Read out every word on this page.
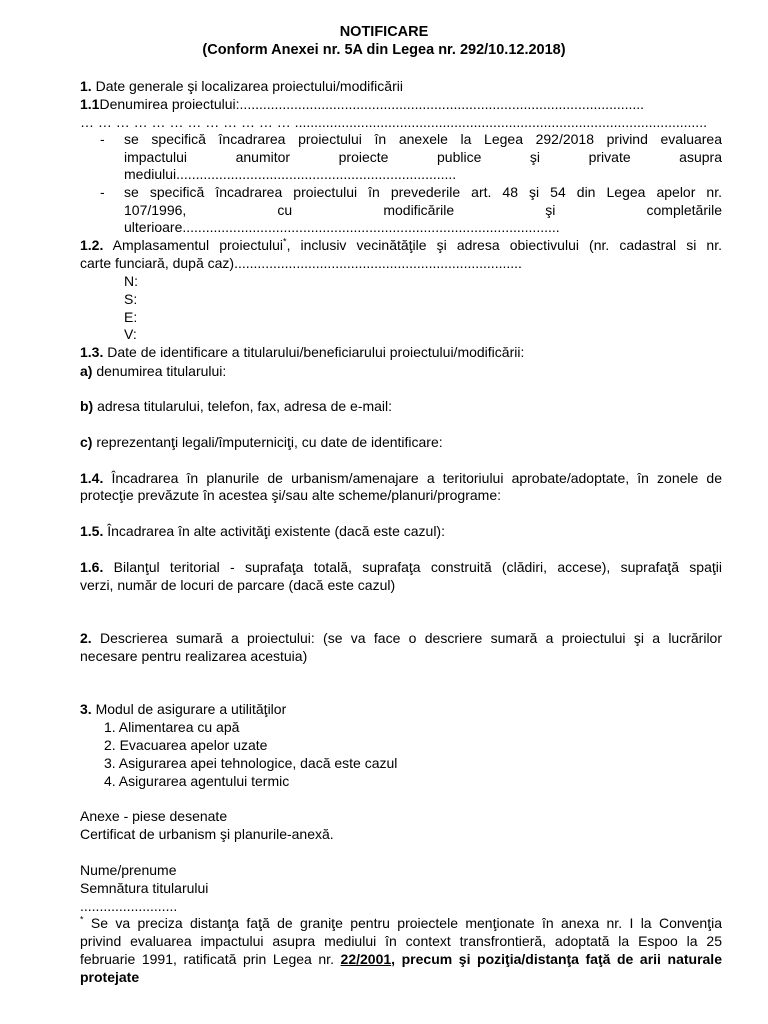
NOTIFICARE
(Conform Anexei nr. 5A din Legea nr. 292/10.12.2018)
1. Date generale şi localizarea proiectului/modificării
1.1Denumirea proiectului:........................................................................................................
… … … … … … … … … … … … ..........................................................................................................
- se specifică încadrarea proiectului în anexele la Legea 292/2018 privind evaluarea
impactului anumitor proiecte publice şi private asupra
mediului........................................................................
- se specifică încadrarea proiectului în prevederile art. 48 şi 54 din Legea apelor nr.
107/1996, cu modificările şi completările
ulterioare.................................................................................................
1.2. Amplasamentul proiectului*, inclusiv vecinătăţile şi adresa obiectivului (nr. cadastral si nr.
carte funciară, după caz)..........................................................................
N:
S:
E:
V:
1.3. Date de identificare a titularului/beneficiarului proiectului/modificării:
a) denumirea titularului:
b) adresa titularului, telefon, fax, adresa de e-mail:
c) reprezentanţi legali/împuterniciţi, cu date de identificare:
1.4. Încadrarea în planurile de urbanism/amenajare a teritoriului aprobate/adoptate, în zonele de
protecţie prevăzute în acestea şi/sau alte scheme/planuri/programe:
1.5. Încadrarea în alte activităţi existente (dacă este cazul):
1.6. Bilanţul teritorial - suprafaţa totală, suprafaţa construită (clădiri, accese), suprafaţă spaţii
verzi, număr de locuri de parcare (dacă este cazul)
2. Descrierea sumară a proiectului: (se va face o descriere sumară a proiectului şi a lucrărilor
necesare pentru realizarea acestuia)
3. Modul de asigurare a utilităţilor
1. Alimentarea cu apă
2. Evacuarea apelor uzate
3. Asigurarea apei tehnologice, dacă este cazul
4. Asigurarea agentului termic
Anexe - piese desenate
Certificat de urbanism şi planurile-anexă.
Nume/prenume
Semnătura titularului
.........................
* Se va preciza distanţa faţă de graniţe pentru proiectele menţionate în anexa nr. I la Convenţia
privind evaluarea impactului asupra mediului în context transfrontieră, adoptată la Espoo la 25
februarie 1991, ratificată prin Legea nr. 22/2001, precum şi poziţia/distanţa faţă de arii naturale
protejate
